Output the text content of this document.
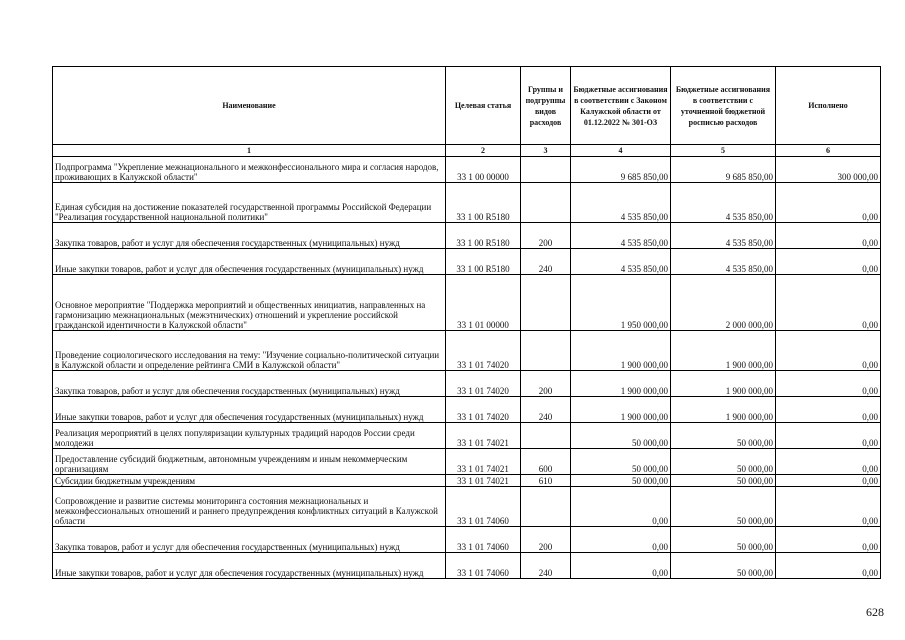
Наименование	Целевая статья	Группы и подгруппы видов расходов	Бюджетные ассигнования в соответствии с Законом Калужской области от 01.12.2022 № 301-ОЗ	Бюджетные ассигнования в соответствии с уточненной бюджетной росписью расходов	Исполнено
1	2	3	4	5	6
Подпрограмма "Укрепление межнационального и межконфессионального мира и согласия народов, проживающих в Калужской области"	33 1 00 00000		9 685 850,00	9 685 850,00	300 000,00
Единая субсидия на достижение показателей государственной программы Российской Федерации "Реализация государственной национальной политики"	33 1 00 R5180		4 535 850,00	4 535 850,00	0,00
Закупка товаров, работ и услуг для обеспечения государственных (муниципальных) нужд	33 1 00 R5180	200	4 535 850,00	4 535 850,00	0,00
Иные закупки товаров, работ и услуг для обеспечения государственных (муниципальных) нужд	33 1 00 R5180	240	4 535 850,00	4 535 850,00	0,00
Основное мероприятие "Поддержка мероприятий и общественных инициатив, направленных на гармонизацию межнациональных (межэтнических) отношений и укрепление российской гражданской идентичности в Калужской области"	33 1 01 00000		1 950 000,00	2 000 000,00	0,00
Проведение социологического исследования на тему: "Изучение социально-политической ситуации в Калужской области и определение рейтинга СМИ в Калужской области"	33 1 01 74020		1 900 000,00	1 900 000,00	0,00
Закупка товаров, работ и услуг для обеспечения государственных (муниципальных) нужд	33 1 01 74020	200	1 900 000,00	1 900 000,00	0,00
Иные закупки товаров, работ и услуг для обеспечения государственных (муниципальных) нужд	33 1 01 74020	240	1 900 000,00	1 900 000,00	0,00
Реализация мероприятий в целях популяризации культурных традиций народов России среди молодежи	33 1 01 74021		50 000,00	50 000,00	0,00
Предоставление субсидий бюджетным, автономным учреждениям и иным некоммерческим организациям	33 1 01 74021	600	50 000,00	50 000,00	0,00
Субсидии бюджетным учреждениям	33 1 01 74021	610	50 000,00	50 000,00	0,00
Сопровождение и развитие системы мониторинга состояния межнациональных и межконфессиональных отношений и раннего предупреждения конфликтных ситуаций в Калужской области	33 1 01 74060		0,00	50 000,00	0,00
Закупка товаров, работ и услуг для обеспечения государственных (муниципальных) нужд	33 1 01 74060	200	0,00	50 000,00	0,00
Иные закупки товаров, работ и услуг для обеспечения государственных (муниципальных) нужд	33 1 01 74060	240	0,00	50 000,00	0,00
628
